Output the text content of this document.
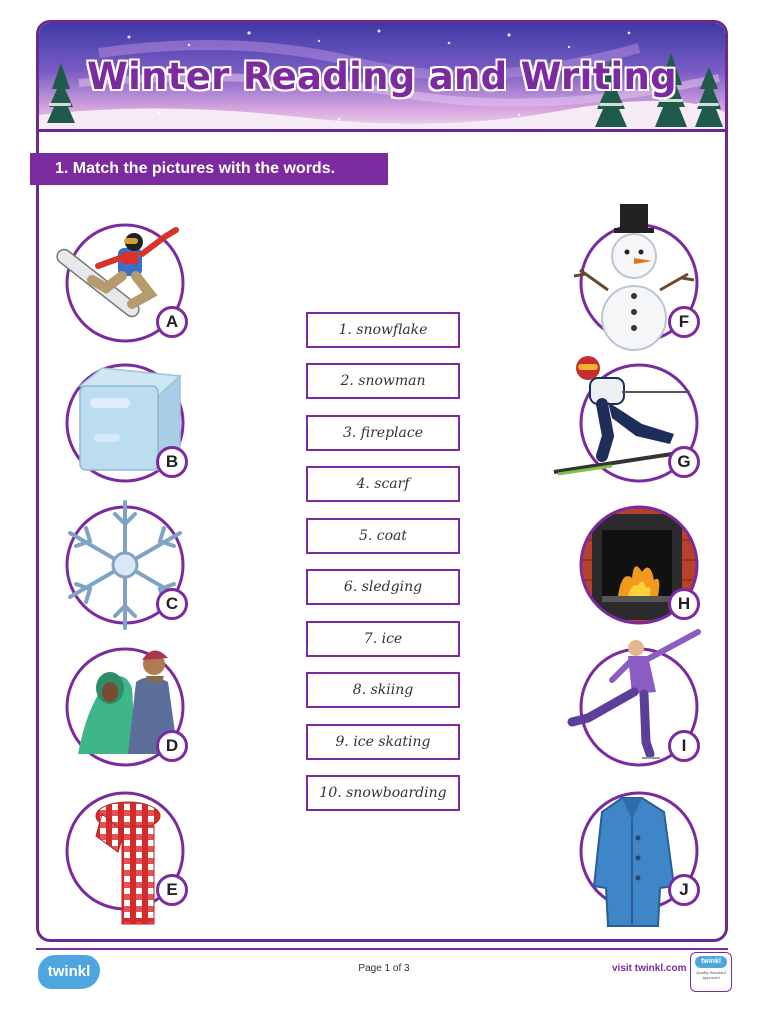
Winter Reading and Writing
1. Match the pictures with the words.
A
B
C
D
E
F
G
H
I
J
1. snowflake
2. snowman
3. fireplace
4. scarf
5. coat
6. sledging
7. ice
8. skiing
9. ice skating
10. snowboarding
twinkl	Page 1 of 3	visit twinkl.com
twinkl
Quality Standard Approved
